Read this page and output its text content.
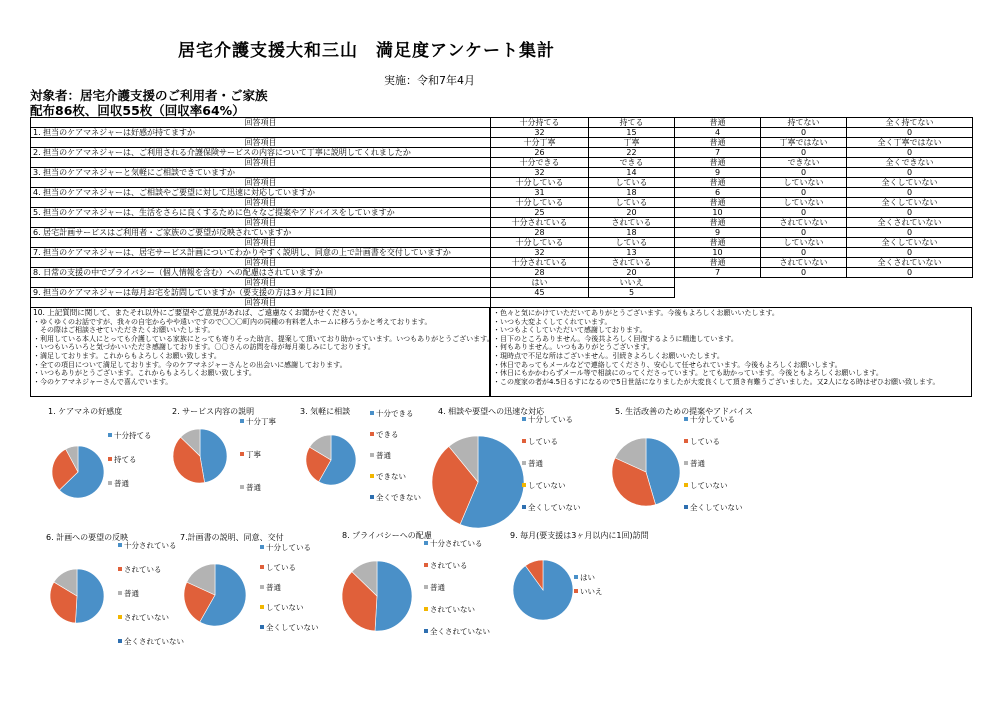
居宅介護支援大和三山　満足度アンケート集計
実施：令和7年4月
対象者：居宅介護支援のご利用者・ご家族
配布86枚、回収55枚（回収率64%）
回答項目	十分持てる	持てる	普通	持てない	全く持てない
1. 担当のケアマネジャーは好感が持てますか	32	15	4	0	0
回答項目	十分丁寧	丁寧	普通	丁寧ではない	全く丁寧ではない
2. 担当のケアマネジャーは、ご利用される介護保険サービスの内容について丁寧に説明してくれましたか	26	22	7	0	0
回答項目	十分できる	できる	普通	できない	全くできない
3. 担当のケアマネジャーと気軽にご相談できていますか	32	14	9	0	0
回答項目	十分している	している	普通	していない	全くしていない
4. 担当のケアマネジャーは、ご相談やご要望に対して迅速に対応していますか	31	18	6	0	0
回答項目	十分している	している	普通	していない	全くしていない
5. 担当のケアマネジャーは、生活をさらに良くするために色々なご提案やアドバイスをしていますか	25	20	10	0	0
回答項目	十分されている	されている	普通	されていない	全くされていない
6. 居宅計画サービスはご利用者・ご家族のご要望が反映されていますか	28	18	9	0	0
回答項目	十分している	している	普通	していない	全くしていない
7. 担当のケアマネジャーは、居宅サービス計画についてわかりやすく説明し、同意の上で計画書を交付していますか	32	13	10	0	0
回答項目	十分されている	されている	普通	されていない	全くされていない
8. 日常の支援の中でプライバシー（個人情報を含む）への配慮はされていますか	28	20	7	0	0
回答項目	はい	いいえ			
9. 担当のケアマネジャーは毎月お宅を訪問していますか（要支援の方は3ヶ月に1回）	45	5			
回答項目					
10. 上記質問に関して、またそれ以外にご要望やご意見があれば、ご遠慮なくお聞かせください。
・ゆくゆくのお話ですが、我々の自宅からやや遠いですので〇〇〇町内の同種の有料老人ホームに移ろうかと考えております。
　その際はご相談させていただきたくお願いいたします。
・利用している本人にとっても介護している家族にとっても寄りそった助言、提案して頂いており助かっています。いつもありがとうございます。
・いつもいろいろと気づかいいただき感謝しております。〇〇さんの訪問を母が毎月楽しみにしております。
・満足しております。これからもよろしくお願い致します。
・全ての項目について満足しております。今のケアマネジャーさんとの出会いに感謝しております。
・いつもありがとうございます。これからもよろしくお願い致します。
・今のケアマネジャーさんで喜んでいます。
・色々と気にかけていただいてありがとうございます。今後もよろしくお願いいたします。
・いつも大変よくしてくれています。
・いつもよくしていただいて感謝しております。
・目下のところありません。今後共よろしく回復するように精進しています。
・何もありません。いつもありがとうございます。
・現時点で不足な所はございません。引続きよろしくお願いいたします。
・休日であってもメールなどで連絡してくださり、安心して任せられています。今後もよろしくお願いします。
・休日にもかかわらずメール等で相談にのってくださっています。とても助かっています。今後ともよろしくお願いします。
・この度家の者が4.5日るすになるので5日世話になりましたが大変良くして頂き有難うございました。又2人になる時はぜひお願い致します。
1. ケアマネの好感度
十分持てる
持てる
普通
2. サービス内容の説明
十分丁寧
丁寧
普通
3. 気軽に相談	十分できる
できる
普通
できない
全くできない
4. 相談や要望への迅速な対応
十分している
している
普通
していない
全くしていない
5. 生活改善のための提案やアドバイス
十分している
している
普通
していない
全くしていない
6. 計画への要望の反映
十分されている
されている
普通
されていない
全くされていない
7.計画書の説明、同意、交付
十分している
している
普通
していない
全くしていない
8. プライバシーへの配慮
十分されている
されている
普通
されていない
全くされていない
9. 毎月(要支援は3ヶ月以内に1回)訪問
はい
いいえ
